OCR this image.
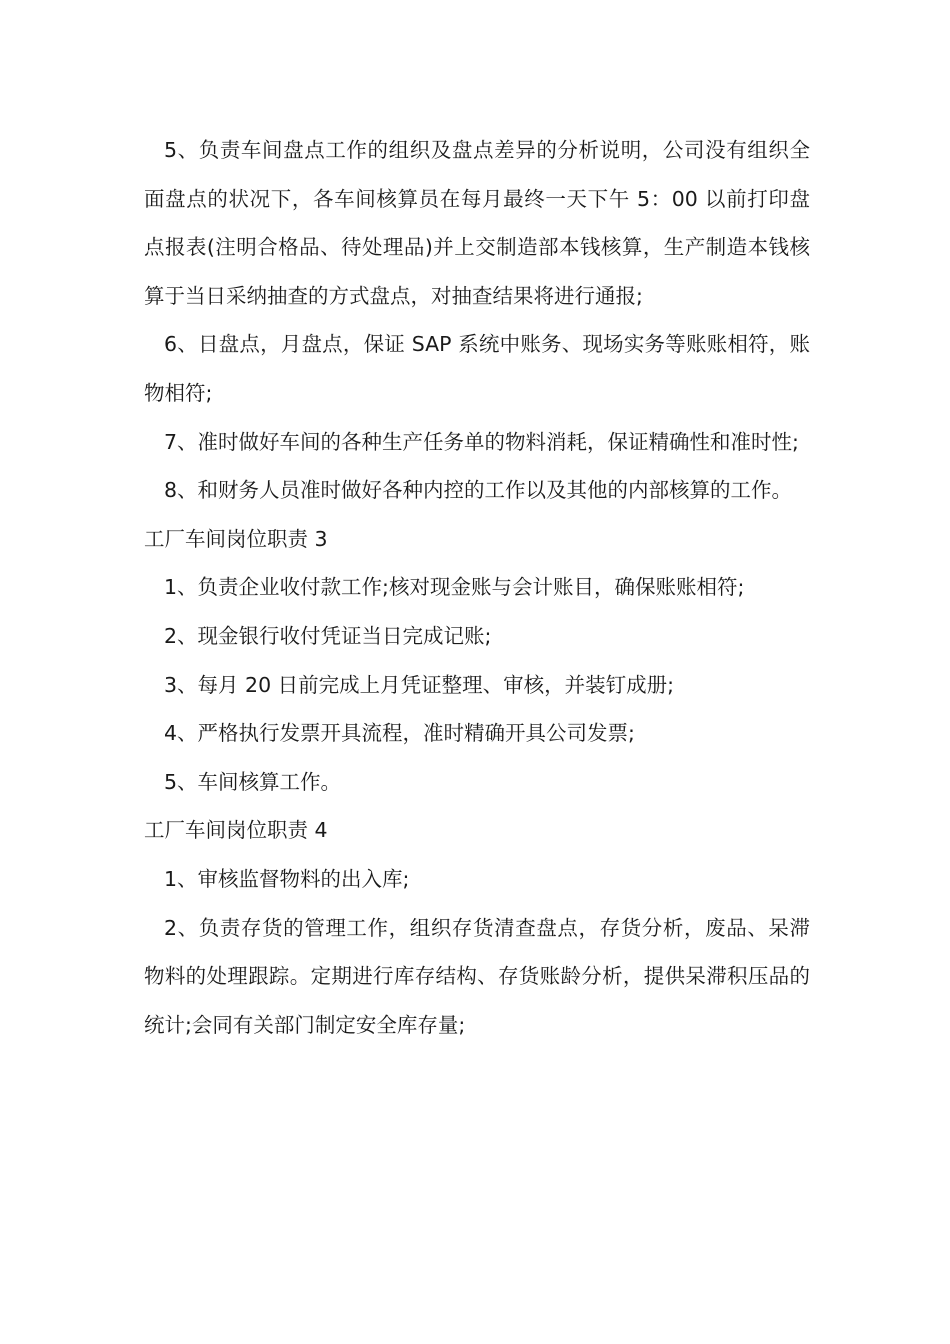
5、负责车间盘点工作的组织及盘点差异的分析说明，公司没有组织全面盘点的状况下，各车间核算员在每月最终一天下午 5：00 以前打印盘点报表(注明合格品、待处理品)并上交制造部本钱核算，生产制造本钱核算于当日采纳抽查的方式盘点，对抽查结果将进行通报;

6、日盘点，月盘点，保证 SAP 系统中账务、现场实务等账账相符，账物相符;

7、准时做好车间的各种生产任务单的物料消耗，保证精确性和准时性;

8、和财务人员准时做好各种内控的工作以及其他的内部核算的工作。

工厂车间岗位职责 3

1、负责企业收付款工作;核对现金账与会计账目，确保账账相符;

2、现金银行收付凭证当日完成记账;

3、每月 20 日前完成上月凭证整理、审核，并装钉成册;

4、严格执行发票开具流程，准时精确开具公司发票;

5、车间核算工作。

工厂车间岗位职责 4

1、审核监督物料的出入库;

2、负责存货的管理工作，组织存货清查盘点，存货分析，废品、呆滞物料的处理跟踪。定期进行库存结构、存货账龄分析，提供呆滞积压品的统计;会同有关部门制定安全库存量;
